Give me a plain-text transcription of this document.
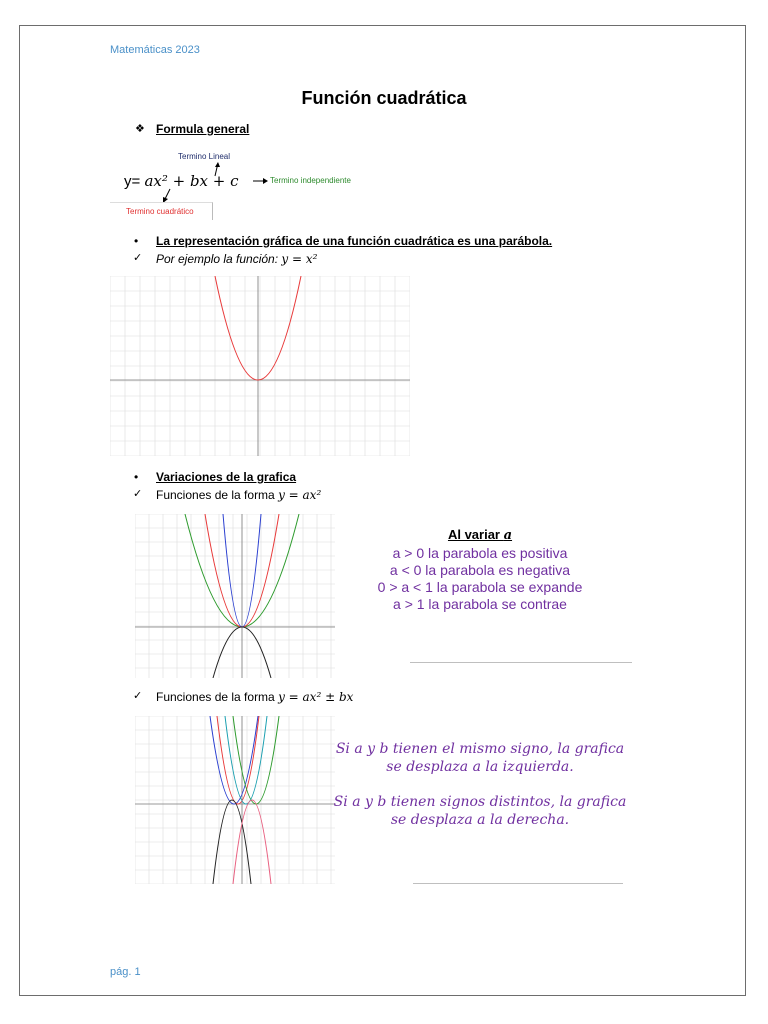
Matemáticas 2023
Función cuadrática
❖ Formula general
Termino Lineal
y= ax² + bx + c	Termino independiente
Termino cuadrático
• La representación gráfica de una función cuadrática es una parábola.
✓ Por ejemplo la función: y = x²
• Variaciones de la grafica
✓ Funciones de la forma y = ax²
Al variar a
a > 0 la parabola es positiva
a < 0 la parabola es negativa
0 > a < 1 la parabola se expande
a > 1 la parabola se contrae
✓ Funciones de la forma y = ax² ± bx
Si a y b tienen el mismo signo, la grafica
se desplaza a la izquierda.
Si a y b tienen signos distintos, la grafica
se desplaza a la derecha.
pág. 1
